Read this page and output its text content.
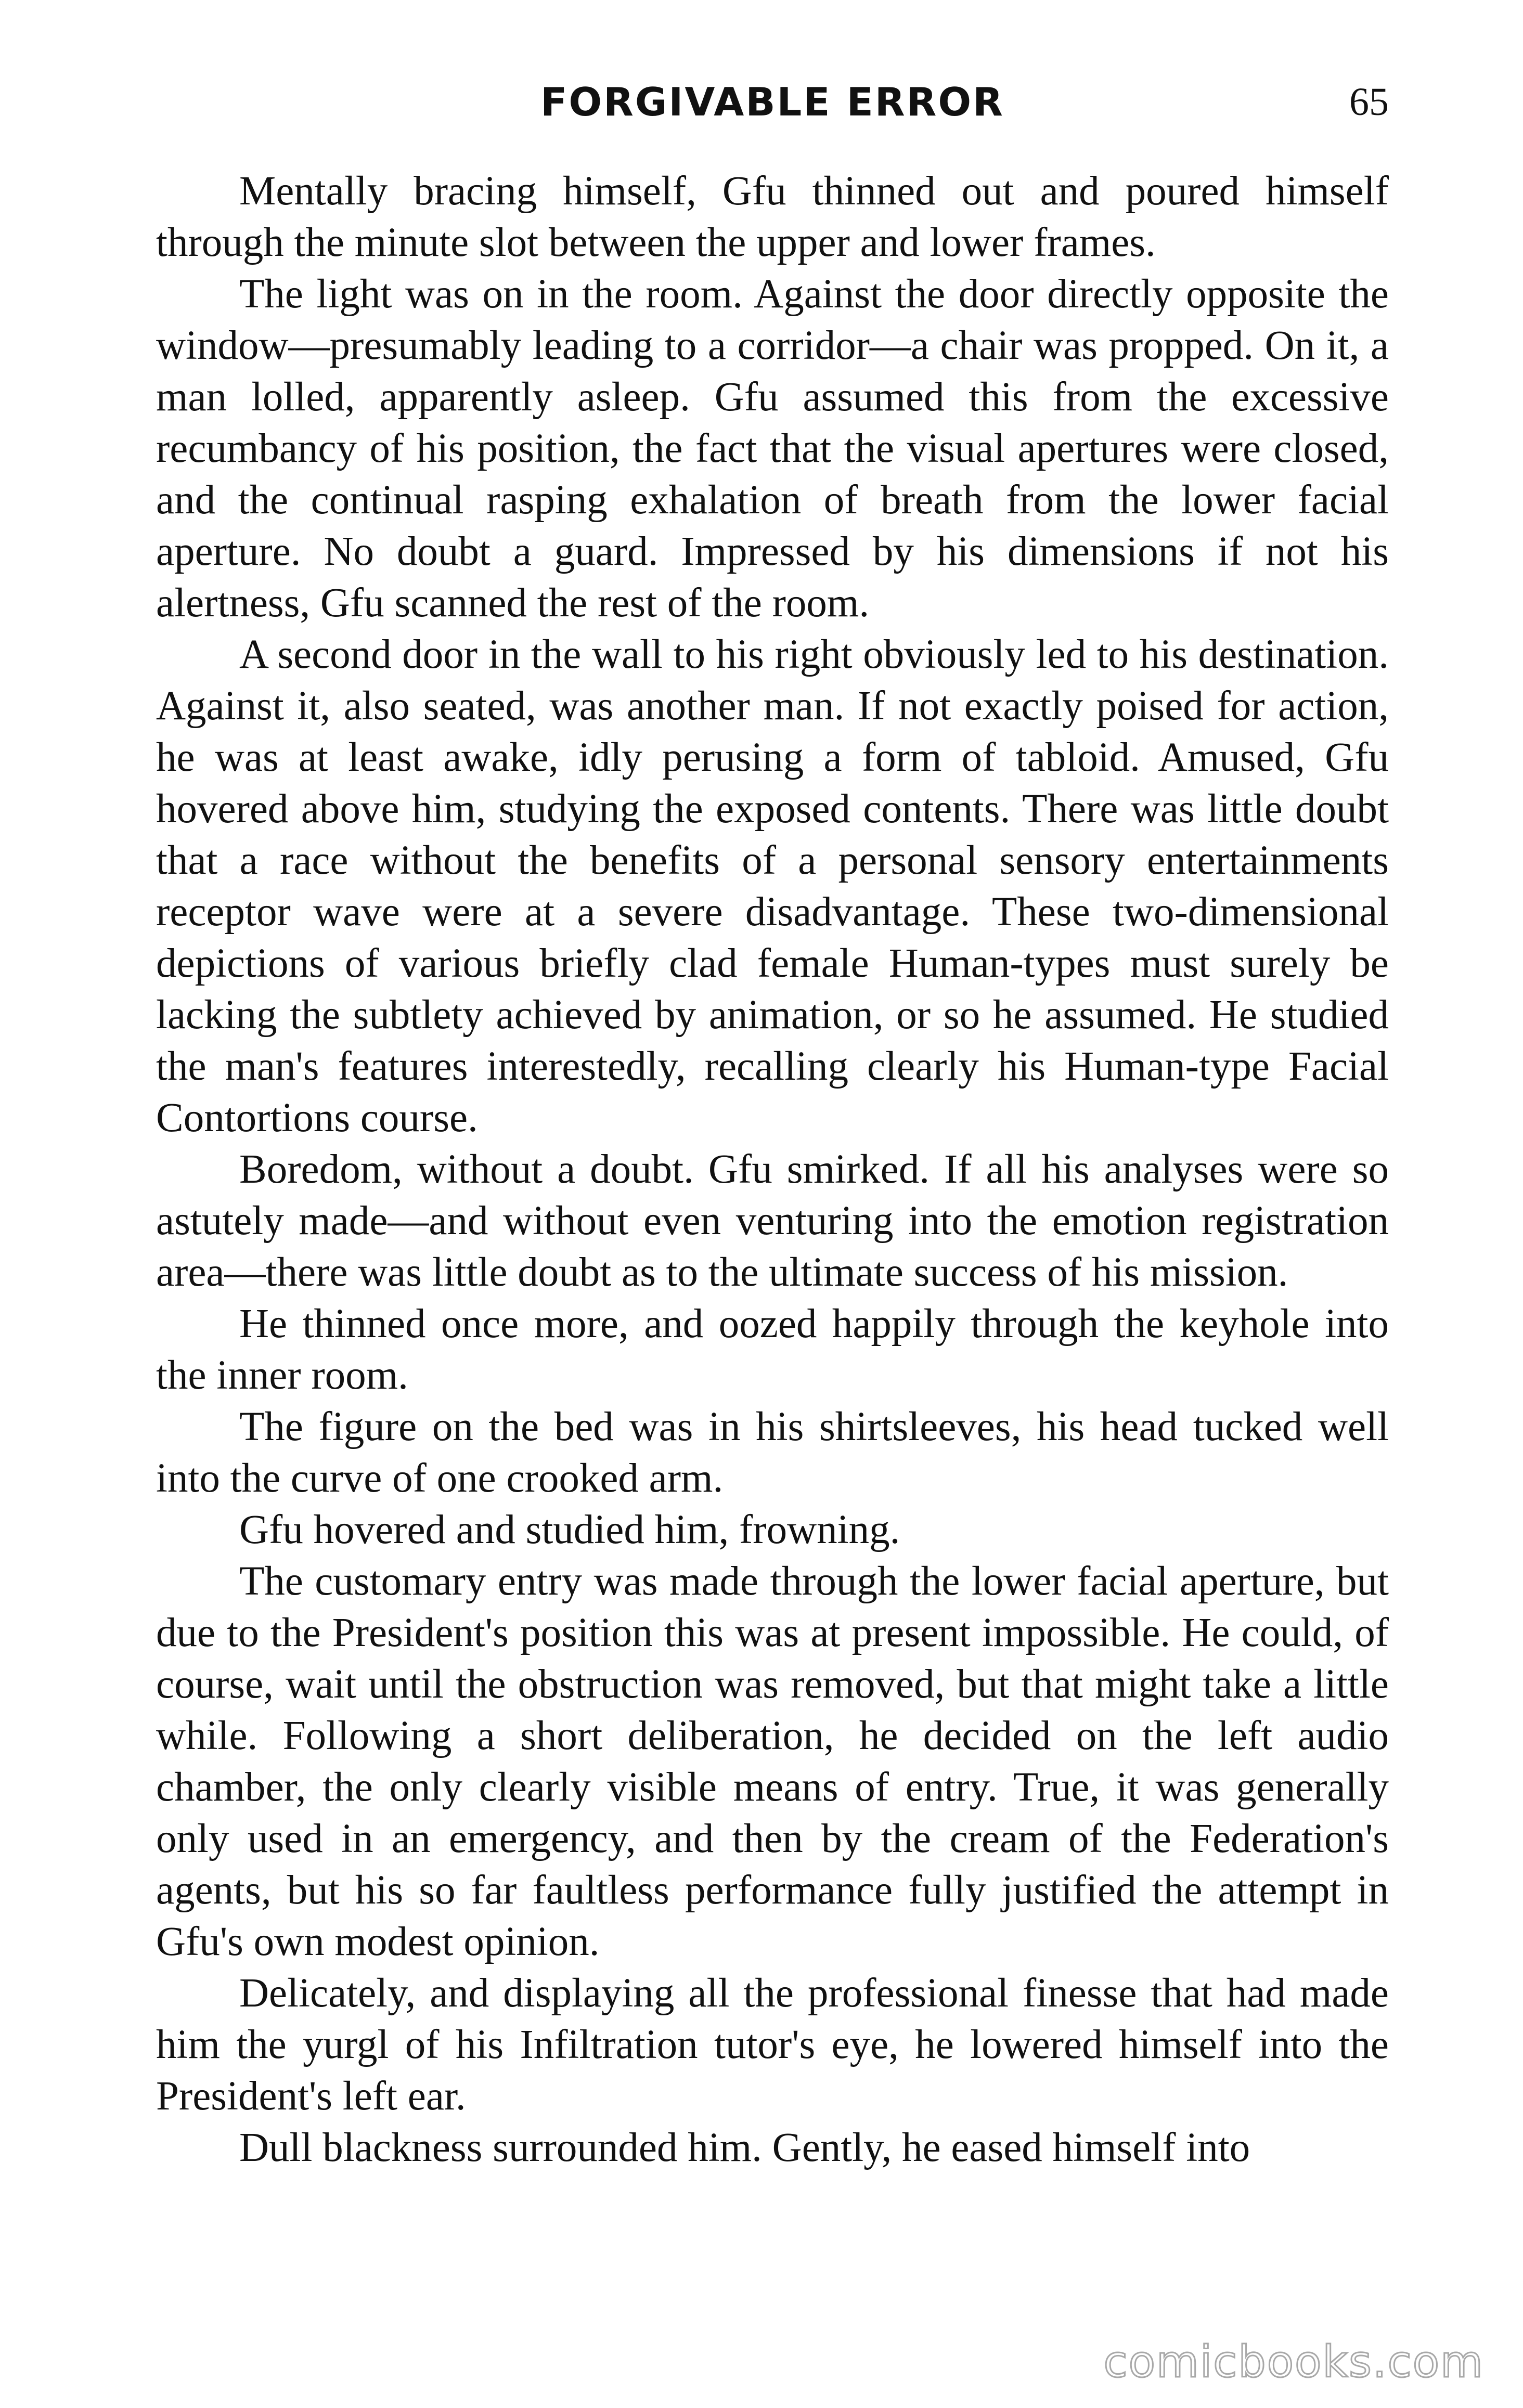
FORGIVABLE ERROR	65

Mentally bracing himself, Gfu thinned out and poured himself through the minute slot between the upper and lower frames.

The light was on in the room. Against the door directly opposite the window—presumably leading to a corridor—a chair was propped. On it, a man lolled, apparently asleep. Gfu assumed this from the excessive recumbancy of his position, the fact that the visual apertures were closed, and the continual rasping exhalation of breath from the lower facial aperture. No doubt a guard. Impressed by his dimensions if not his alertness, Gfu scanned the rest of the room.

A second door in the wall to his right obviously led to his destination. Against it, also seated, was another man. If not exactly poised for action, he was at least awake, idly perusing a form of tabloid. Amused, Gfu hovered above him, studying the exposed contents. There was little doubt that a race without the benefits of a personal sensory entertainments receptor wave were at a severe disadvantage. These two-dimensional depictions of various briefly clad female Human-types must surely be lacking the subtlety achieved by animation, or so he assumed. He studied the man's features interestedly, recalling clearly his Human-type Facial Contortions course.

Boredom, without a doubt. Gfu smirked. If all his analyses were so astutely made—and without even venturing into the emotion registration area—there was little doubt as to the ultimate success of his mission.

He thinned once more, and oozed happily through the keyhole into the inner room.

The figure on the bed was in his shirtsleeves, his head tucked well into the curve of one crooked arm.

Gfu hovered and studied him, frowning.

The customary entry was made through the lower facial aperture, but due to the President's position this was at present impossible. He could, of course, wait until the obstruction was removed, but that might take a little while. Following a short deliberation, he decided on the left audio chamber, the only clearly visible means of entry. True, it was generally only used in an emergency, and then by the cream of the Federation's agents, but his so far faultless performance fully justified the attempt in Gfu's own modest opinion.

Delicately, and displaying all the professional finesse that had made him the yurgl of his Infiltration tutor's eye, he lowered himself into the President's left ear.

Dull blackness surrounded him. Gently, he eased himself into

comicbooks.com
